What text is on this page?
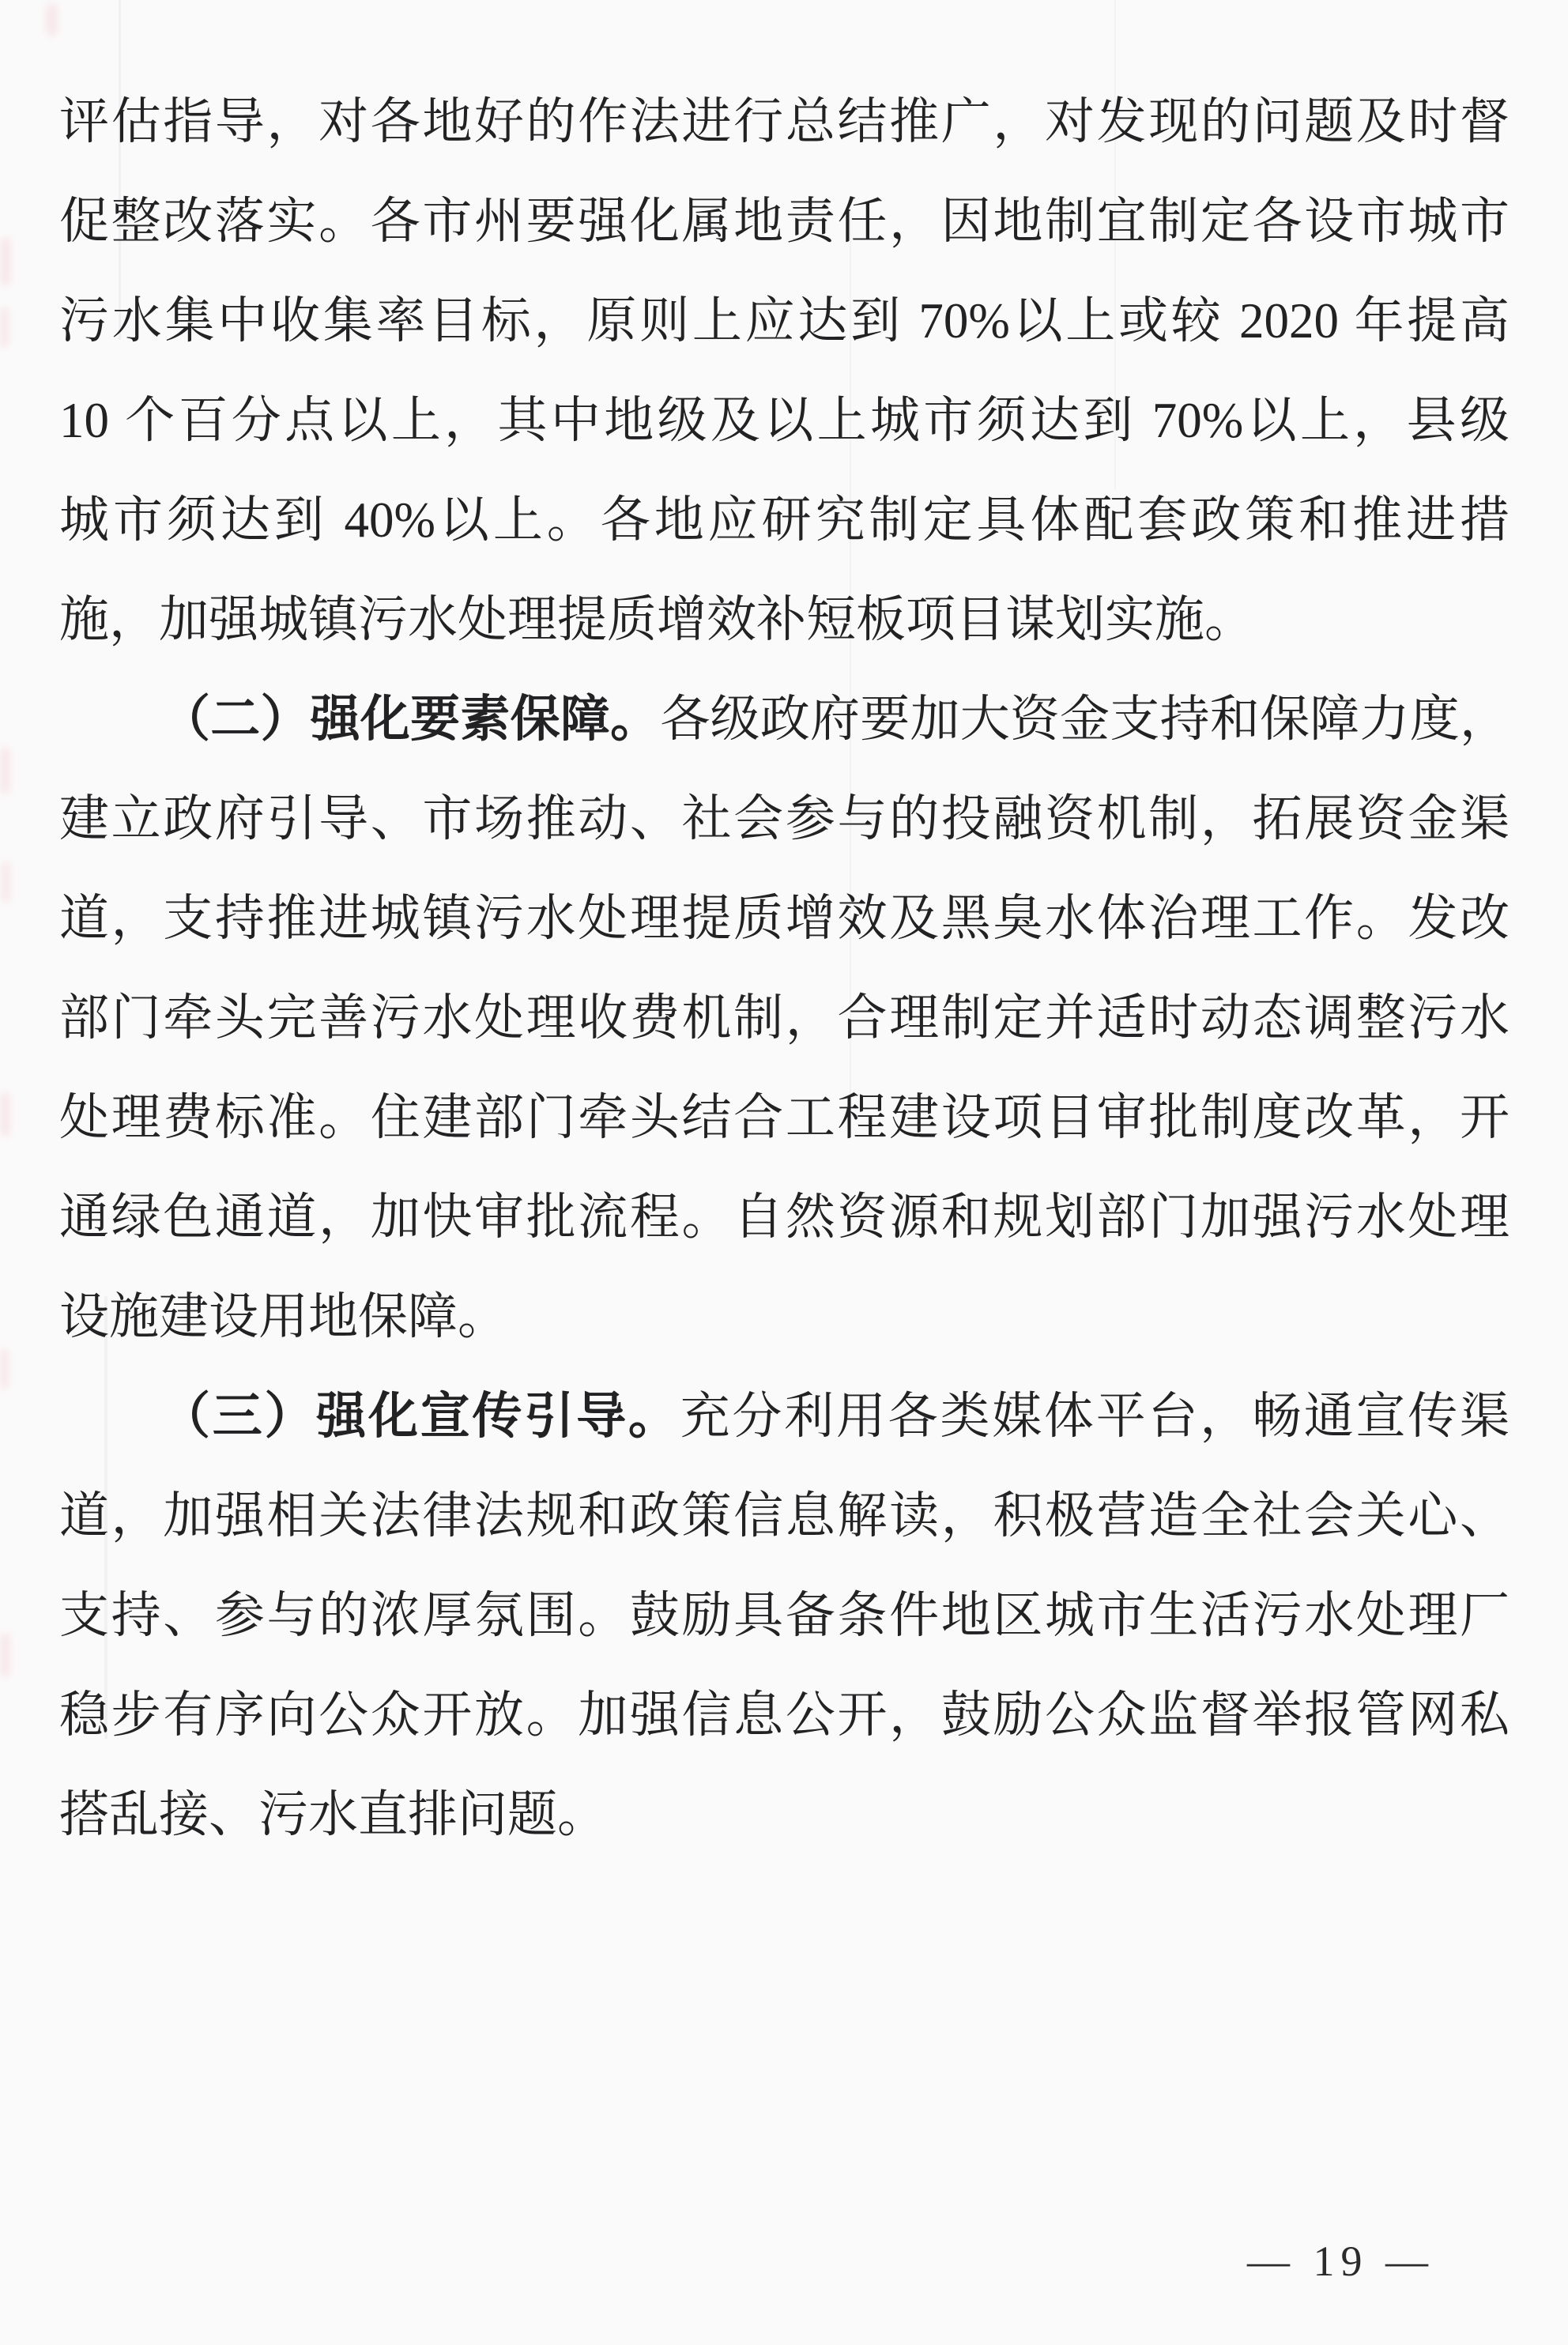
评估指导，对各地好的作法进行总结推广，对发现的问题及时督
促整改落实。各市州要强化属地责任，因地制宜制定各设市城市
污水集中收集率目标，原则上应达到 70%以上或较 2020 年提高
10 个百分点以上，其中地级及以上城市须达到 70%以上，县级
城市须达到 40%以上。各地应研究制定具体配套政策和推进措
施，加强城镇污水处理提质增效补短板项目谋划实施。
（二）强化要素保障。各级政府要加大资金支持和保障力度，
建立政府引导、市场推动、社会参与的投融资机制，拓展资金渠
道，支持推进城镇污水处理提质增效及黑臭水体治理工作。发改
部门牵头完善污水处理收费机制，合理制定并适时动态调整污水
处理费标准。住建部门牵头结合工程建设项目审批制度改革，开
通绿色通道，加快审批流程。自然资源和规划部门加强污水处理
设施建设用地保障。
（三）强化宣传引导。充分利用各类媒体平台，畅通宣传渠
道，加强相关法律法规和政策信息解读，积极营造全社会关心、
支持、参与的浓厚氛围。鼓励具备条件地区城市生活污水处理厂
稳步有序向公众开放。加强信息公开，鼓励公众监督举报管网私
搭乱接、污水直排问题。
— 19 —
